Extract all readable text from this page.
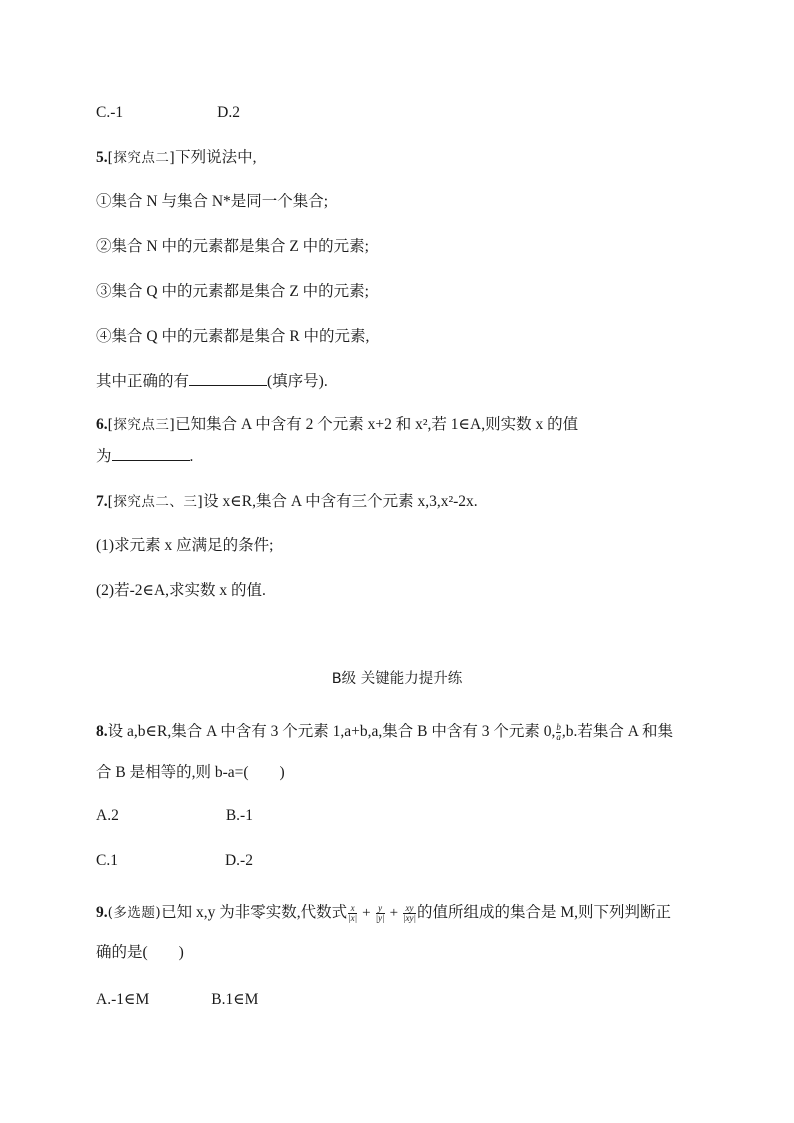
C.-1	D.2
5.[探究点二]下列说法中,
①集合 N 与集合 N*是同一个集合;
②集合 N 中的元素都是集合 Z 中的元素;
③集合 Q 中的元素都是集合 Z 中的元素;
④集合 Q 中的元素都是集合 R 中的元素,
其中正确的有	(填序号).
6.[探究点三]已知集合 A 中含有 2 个元素 x+2 和 x²,若 1∈A,则实数 x 的值
为	.
7.[探究点二、三]设 x∈R,集合 A 中含有三个元素 x,3,x²-2x.
(1)求元素 x 应满足的条件;
(2)若-2∈A,求实数 x 的值.
B级 关键能力提升练
8.设 a,b∈R,集合 A 中含有 3 个元素 1,a+b,a,集合 B 中含有 3 个元素 0, $\frac{b}{a} ,b$.若集合 A 和集
合 B 是相等的,则 b-a=(　　)
A.2	B.-1
C.1	D.-2
9.(多选题)已知 x,y 为非零实数,代数式 $\frac{x}{|x|} + \frac{y}{|y|} + \frac{xy}{|xy|}$ 的值所组成的集合是 M,则下列判断正
确的是(　　)
A.-1∈M	B.1∈M
